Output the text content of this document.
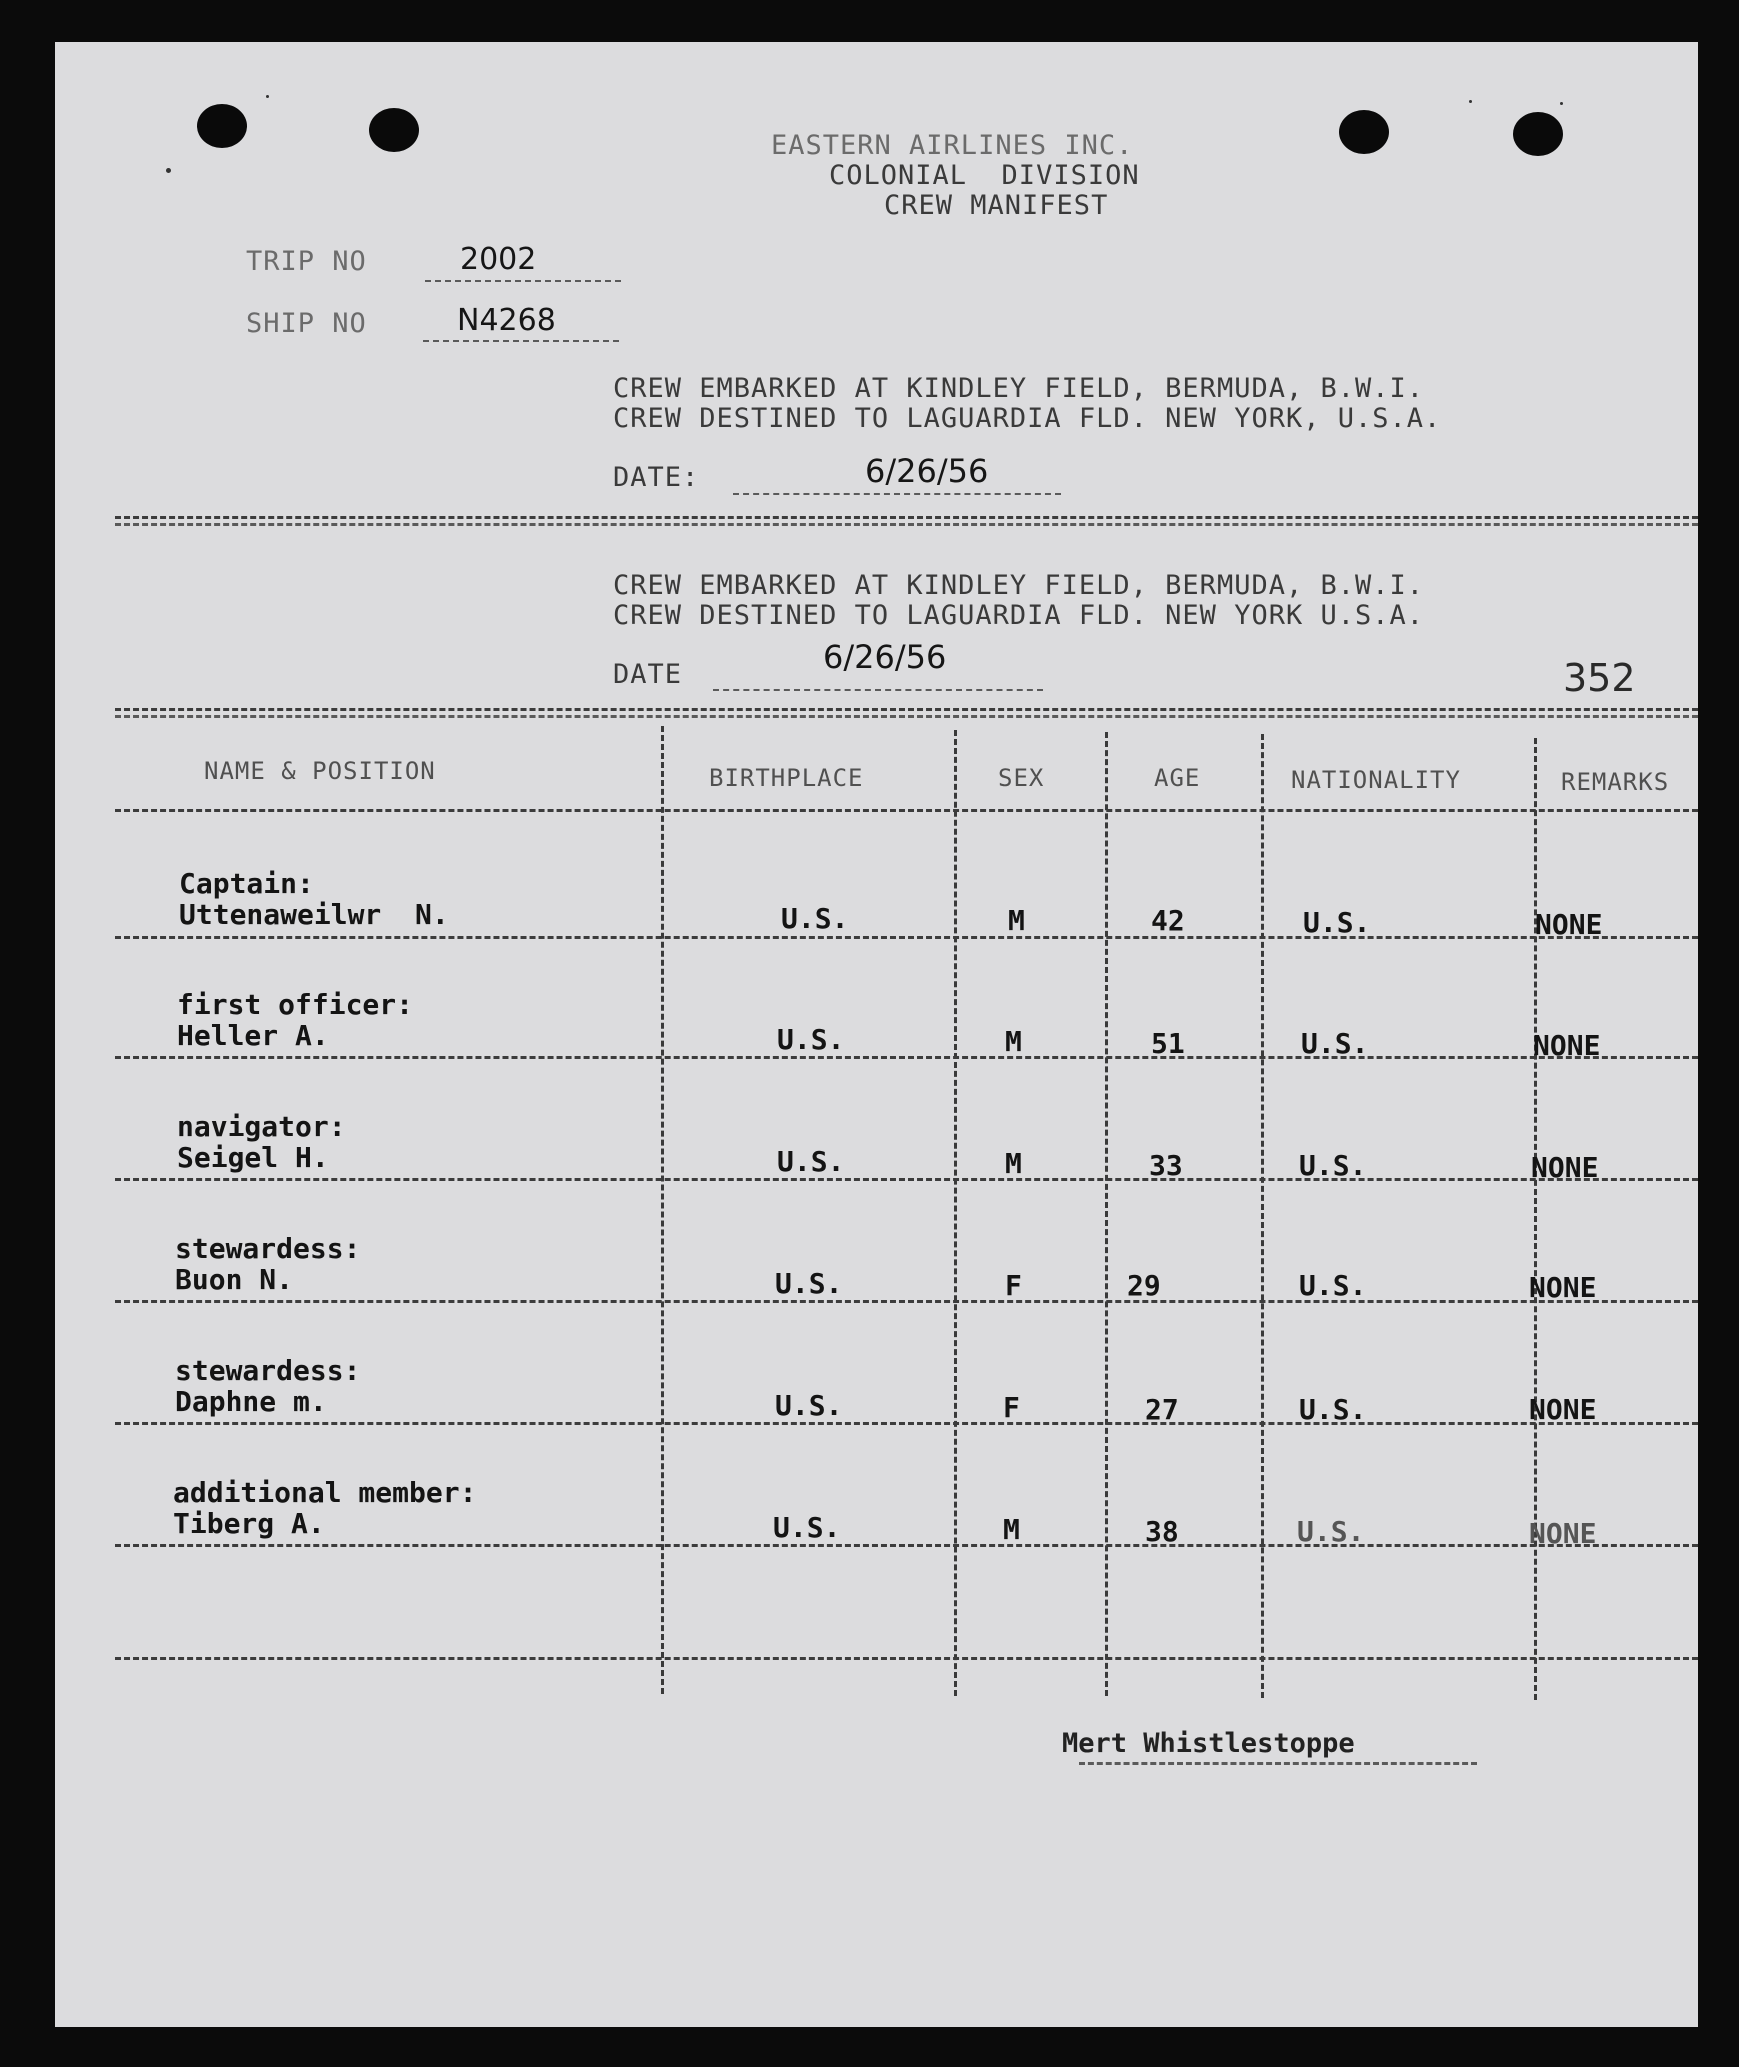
EASTERN AIRLINES INC.
COLONIAL  DIVISION
CREW MANIFEST
TRIP NO	2002
SHIP NO	N4268
CREW EMBARKED AT KINDLEY FIELD, BERMUDA, B.W.I.
CREW DESTINED TO LAGUARDIA FLD. NEW YORK, U.S.A.
DATE:	6/26/56
CREW EMBARKED AT KINDLEY FIELD, BERMUDA, B.W.I.
CREW DESTINED TO LAGUARDIA FLD. NEW YORK U.S.A.
DATE	6/26/56	352
NAME & POSITION	BIRTHPLACE	SEX	AGE	NATIONALITY	REMARKS
Captain:
Uttenaweilwr  N.	U.S.	M	42	U.S.	NONE
first officer:
Heller A.	U.S.	M	51	U.S.	NONE
navigator:
Seigel H.	U.S.	M	33	U.S.	NONE
stewardess:
Buon N.	U.S.	F	29	U.S.	NONE
stewardess:
Daphne m.	U.S.	F	27	U.S.	NONE
additional member:
Tiberg A.	U.S.	M	38	U.S.	NONE
Mert Whistlestoppe
